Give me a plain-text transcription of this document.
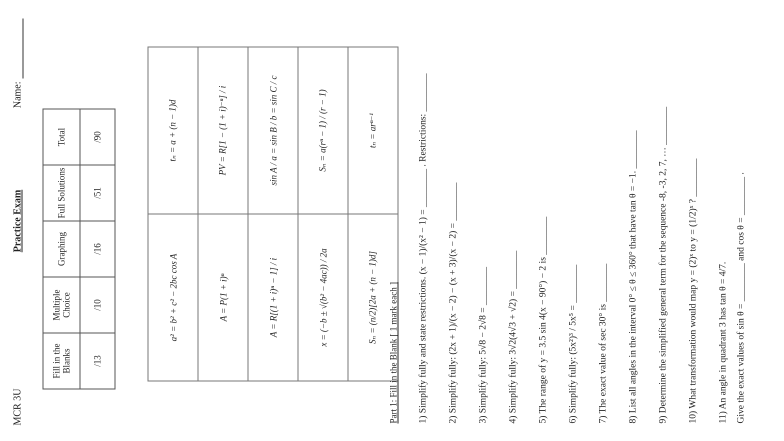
MCR 3U
Practice Exam
Name:
Fill in the Blanks	Multiple Choice	Graphing	Full Solutions	Total
/13	/10	/16	/51	/90
a² = b² + c² − 2bc cos A	tₙ = a + (n − 1)d
A = P(1 + i)ⁿ	PV = R[1 − (1 + i)⁻ⁿ] / i
A = R[(1 + i)ⁿ − 1] / i	sin A / a = sin B / b = sin C / c
x = (−b ± √(b² − 4ac)) / 2a	Sₙ = a(rⁿ − 1) / (r − 1)
Sₙ = (n/2)[2a + (n − 1)d]	tₙ = arⁿ⁻¹
Part 1: Fill in the Blank [ 1 mark each ] 1) Simplify fully and state restrictions. (x − 1)/(x² − 1) = ________ . Restrictions: ________ 2) Simplify fully: (2x + 1)/(x − 2) − (x + 3)/(x − 2) = ________ 3) Simplify fully: 5√8 − 2√8 = ________ 4) Simplify fully: 3√2(4√3 + √2) = ________ 5) The range of y = 3.5 sin 4(x − 90°) − 2 is ________ 6) Simplify fully: (5x²)³ / 5x⁵ = ________ 7) The exact value of sec 30° is ________ 8) List all angles in the interval 0° ≤ θ ≤ 360° that have tan θ = −1. ________ 9) Determine the simplified general term for the sequence -8, -3, 2, 7, … ________ 10) What transformation would map y = (2)ˣ to y = (1/2)ˣ ? ________ 11) An angle in quadrant 3 has tan θ = 4/7. Give the exact values of sin θ = ________ and cos θ = ________ .
